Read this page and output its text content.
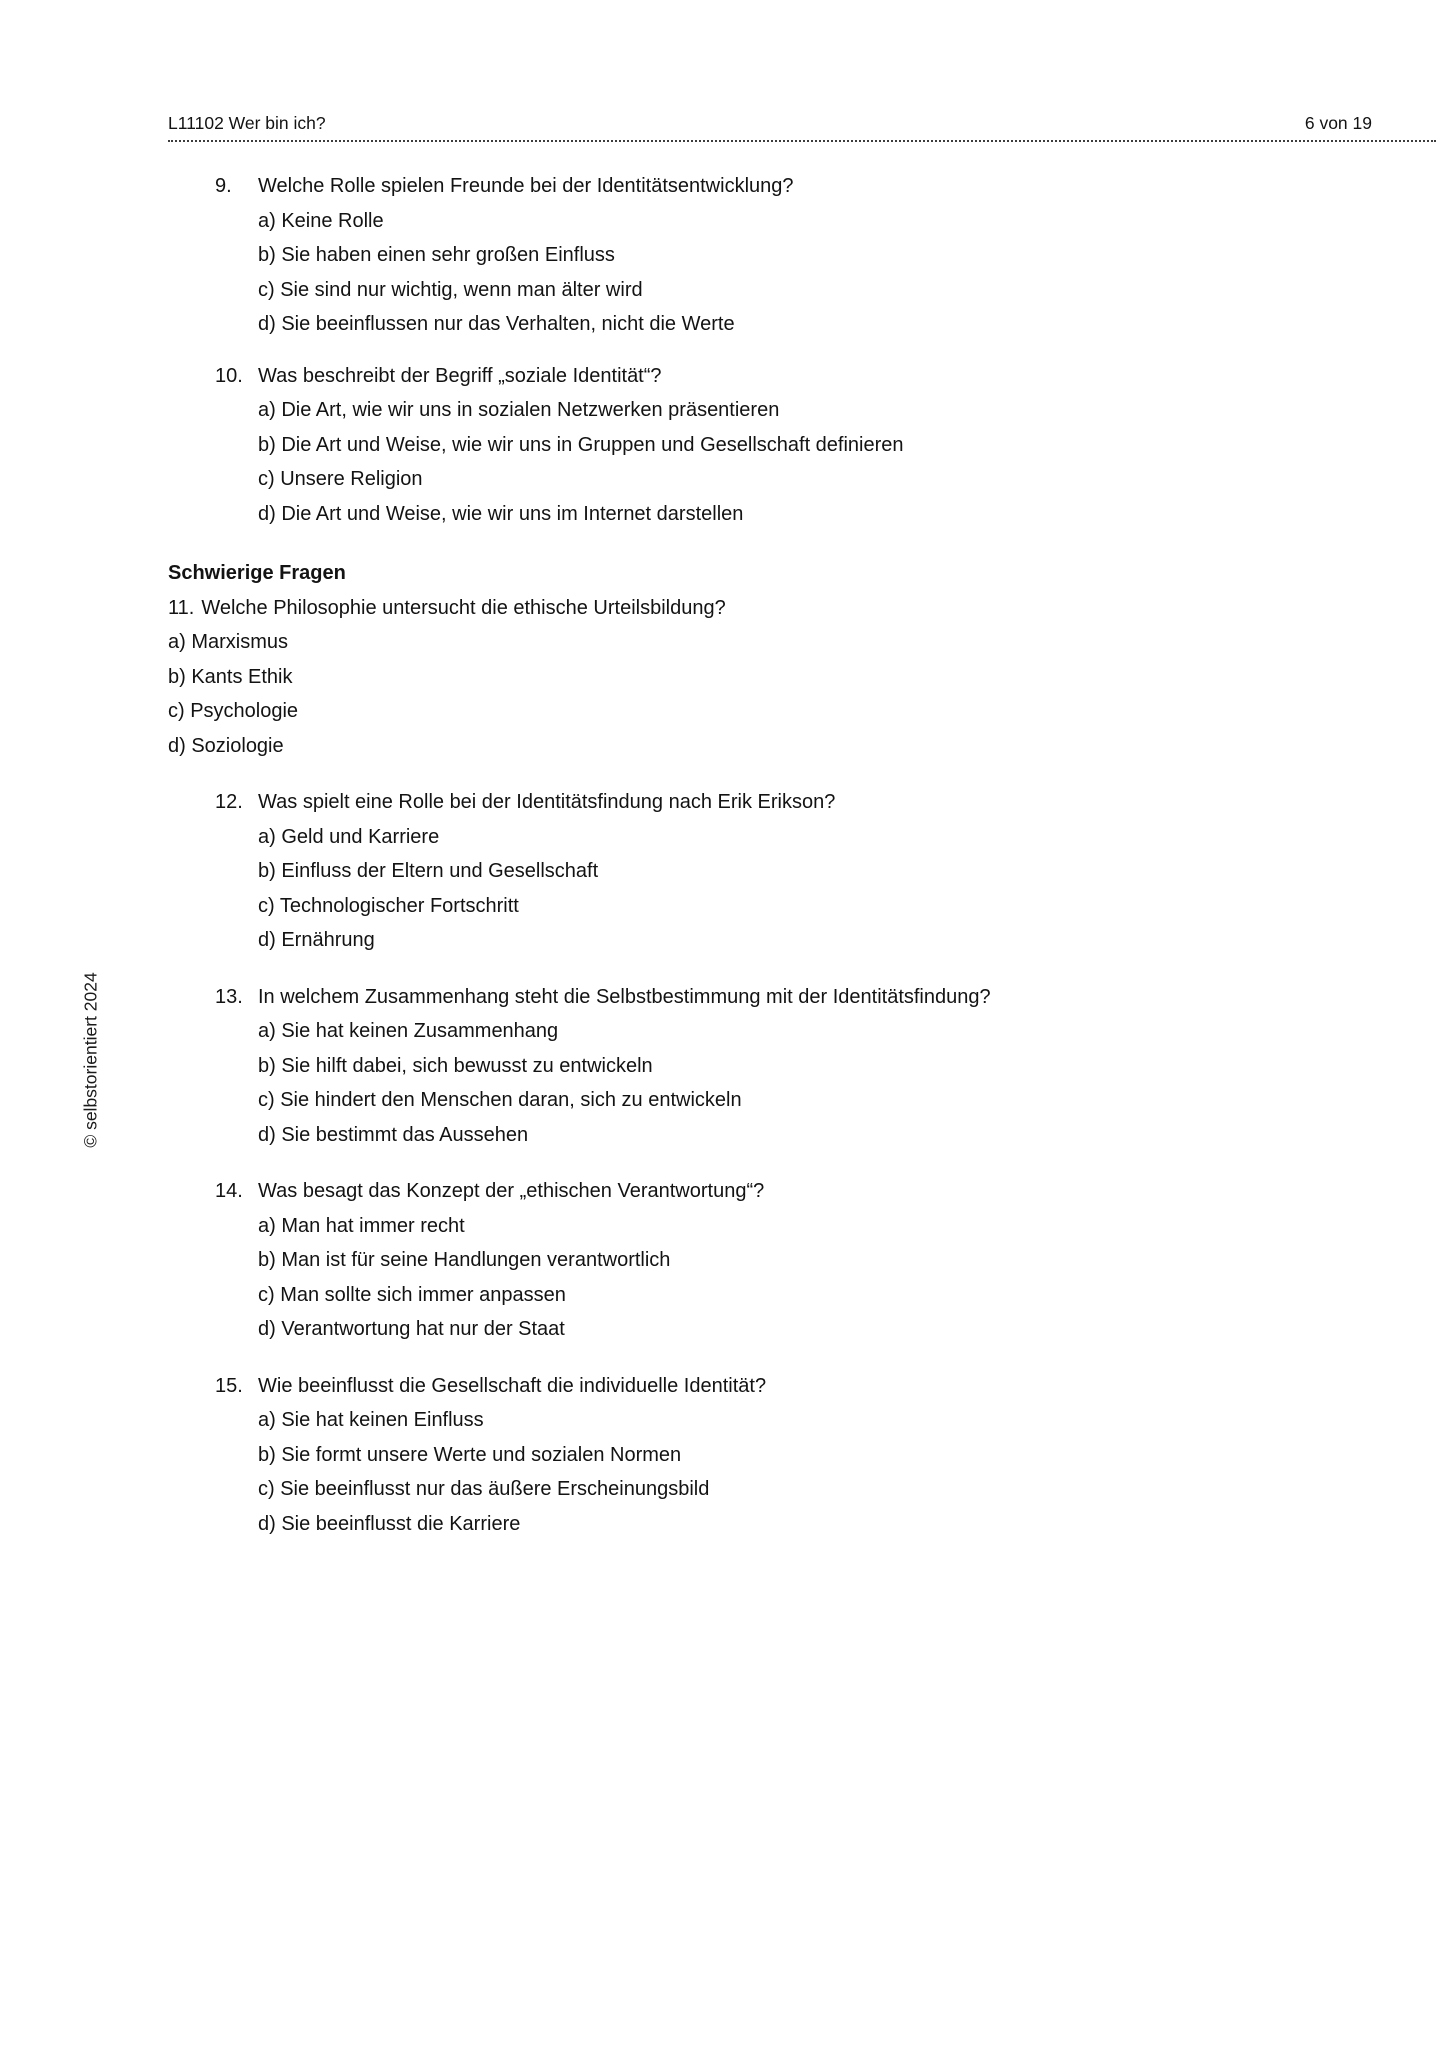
L11102 Wer bin ich?	6 von 19
© selbstorientiert 2024
9. Welche Rolle spielen Freunde bei der Identitätsentwicklung?
a) Keine Rolle
b) Sie haben einen sehr großen Einfluss
c) Sie sind nur wichtig, wenn man älter wird
d) Sie beeinflussen nur das Verhalten, nicht die Werte
10. Was beschreibt der Begriff „soziale Identität“?
a) Die Art, wie wir uns in sozialen Netzwerken präsentieren
b) Die Art und Weise, wie wir uns in Gruppen und Gesellschaft definieren
c) Unsere Religion
d) Die Art und Weise, wie wir uns im Internet darstellen
Schwierige Fragen
11. Welche Philosophie untersucht die ethische Urteilsbildung?
a) Marxismus
b) Kants Ethik
c) Psychologie
d) Soziologie
12. Was spielt eine Rolle bei der Identitätsfindung nach Erik Erikson?
a) Geld und Karriere
b) Einfluss der Eltern und Gesellschaft
c) Technologischer Fortschritt
d) Ernährung
13. In welchem Zusammenhang steht die Selbstbestimmung mit der Identitätsfindung?
a) Sie hat keinen Zusammenhang
b) Sie hilft dabei, sich bewusst zu entwickeln
c) Sie hindert den Menschen daran, sich zu entwickeln
d) Sie bestimmt das Aussehen
14. Was besagt das Konzept der „ethischen Verantwortung“?
a) Man hat immer recht
b) Man ist für seine Handlungen verantwortlich
c) Man sollte sich immer anpassen
d) Verantwortung hat nur der Staat
15. Wie beeinflusst die Gesellschaft die individuelle Identität?
a) Sie hat keinen Einfluss
b) Sie formt unsere Werte und sozialen Normen
c) Sie beeinflusst nur das äußere Erscheinungsbild
d) Sie beeinflusst die Karriere
